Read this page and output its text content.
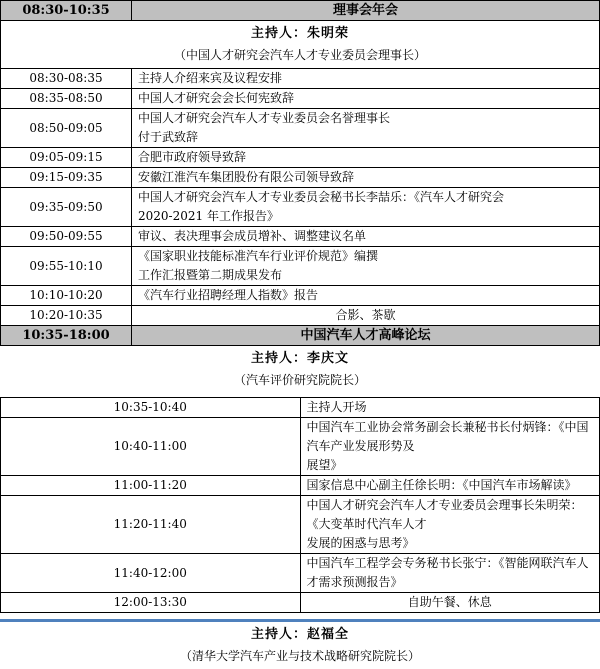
08:30-10:35	理事会年会
主持人：朱明荣	
（中国人才研究会汽车人才专业委员会理事长）	
08:30-08:35	主持人介绍来宾及议程安排
08:35-08:50	中国人才研究会会长何宪致辞
08:50-09:05	中国人才研究会汽车人才专业委员会名誉理事长
付于武致辞

09:05-09:15	合肥市政府领导致辞
09:15-09:35	安徽江淮汽车集团股份有限公司领导致辞
09:35-09:50	中国人才研究会汽车人才专业委员会秘书长李喆乐：《汽车人才研究会
2020-2021 年工作报告》

09:50-09:55	审议、表决理事会成员增补、调整建议名单
09:55-10:10	《国家职业技能标准汽车行业评价规范》编撰
工作汇报暨第二期成果发布

10:10-10:20	《汽车行业招聘经理人指数》报告
10:20-10:35	合影、茶歇
10:35-18:00	中国汽车人才高峰论坛
主持人：李庆文	
（汽车评价研究院院长）	
10:35-10:40	主持人开场
10:40-11:00	中国汽车工业协会常务副会长兼秘书长付炳锋：《中国汽车产业发展形势及
展望》

11:00-11:20	国家信息中心副主任徐长明：《中国汽车市场解读》
11:20-11:40	中国人才研究会汽车人才专业委员会理事长朱明荣：《大变革时代汽车人才
发展的困惑与思考》

11:40-12:00	中国汽车工程学会专务秘书长张宁：《智能网联汽车人才需求预测报告》
12:00-13:30	自助午餐、休息
主持人：赵福全
（清华大学汽车产业与技术战略研究院院长）
